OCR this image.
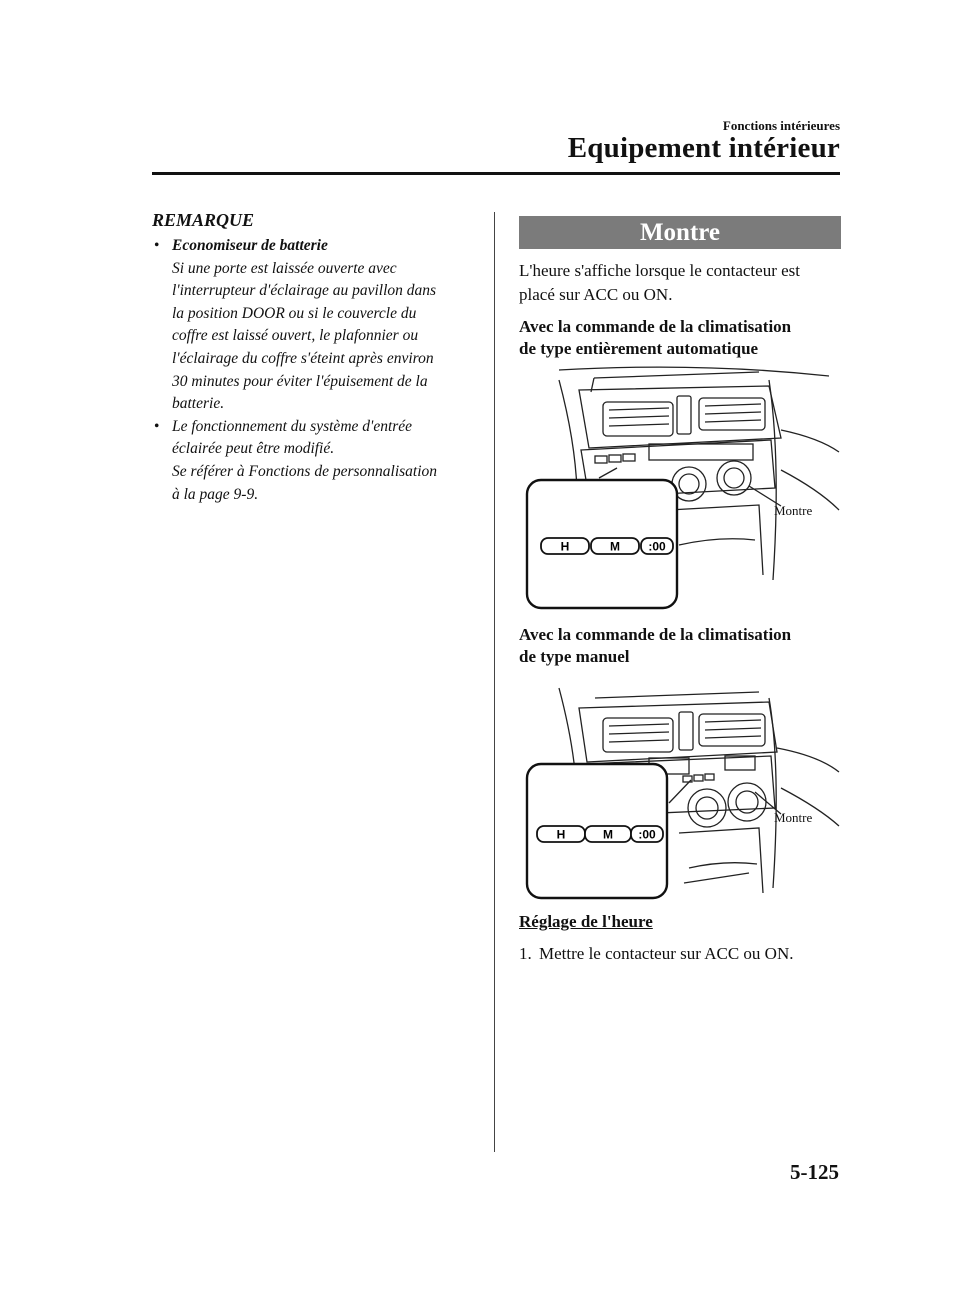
Fonctions intérieures
Equipement intérieur
REMARQUE
• Economiseur de batterie
Si une porte est laissée ouverte avec
l'interrupteur d'éclairage au pavillon dans
la position DOOR ou si le couvercle du
coffre est laissé ouvert, le plafonnier ou
l'éclairage du coffre s'éteint après environ
30 minutes pour éviter l'épuisement de la
batterie.
• Le fonctionnement du système d'entrée
éclairée peut être modifié.
Se référer à Fonctions de personnalisation
à la page 9-9.
Montre
L'heure s'affiche lorsque le contacteur est
placé sur ACC ou ON.
Avec la commande de la climatisation
de type entièrement automatique
H	M :00
Montre
Avec la commande de la climatisation
de type manuel
H	M :00
Montre
Réglage de l'heure
1. Mettre le contacteur sur ACC ou ON.
5-125
